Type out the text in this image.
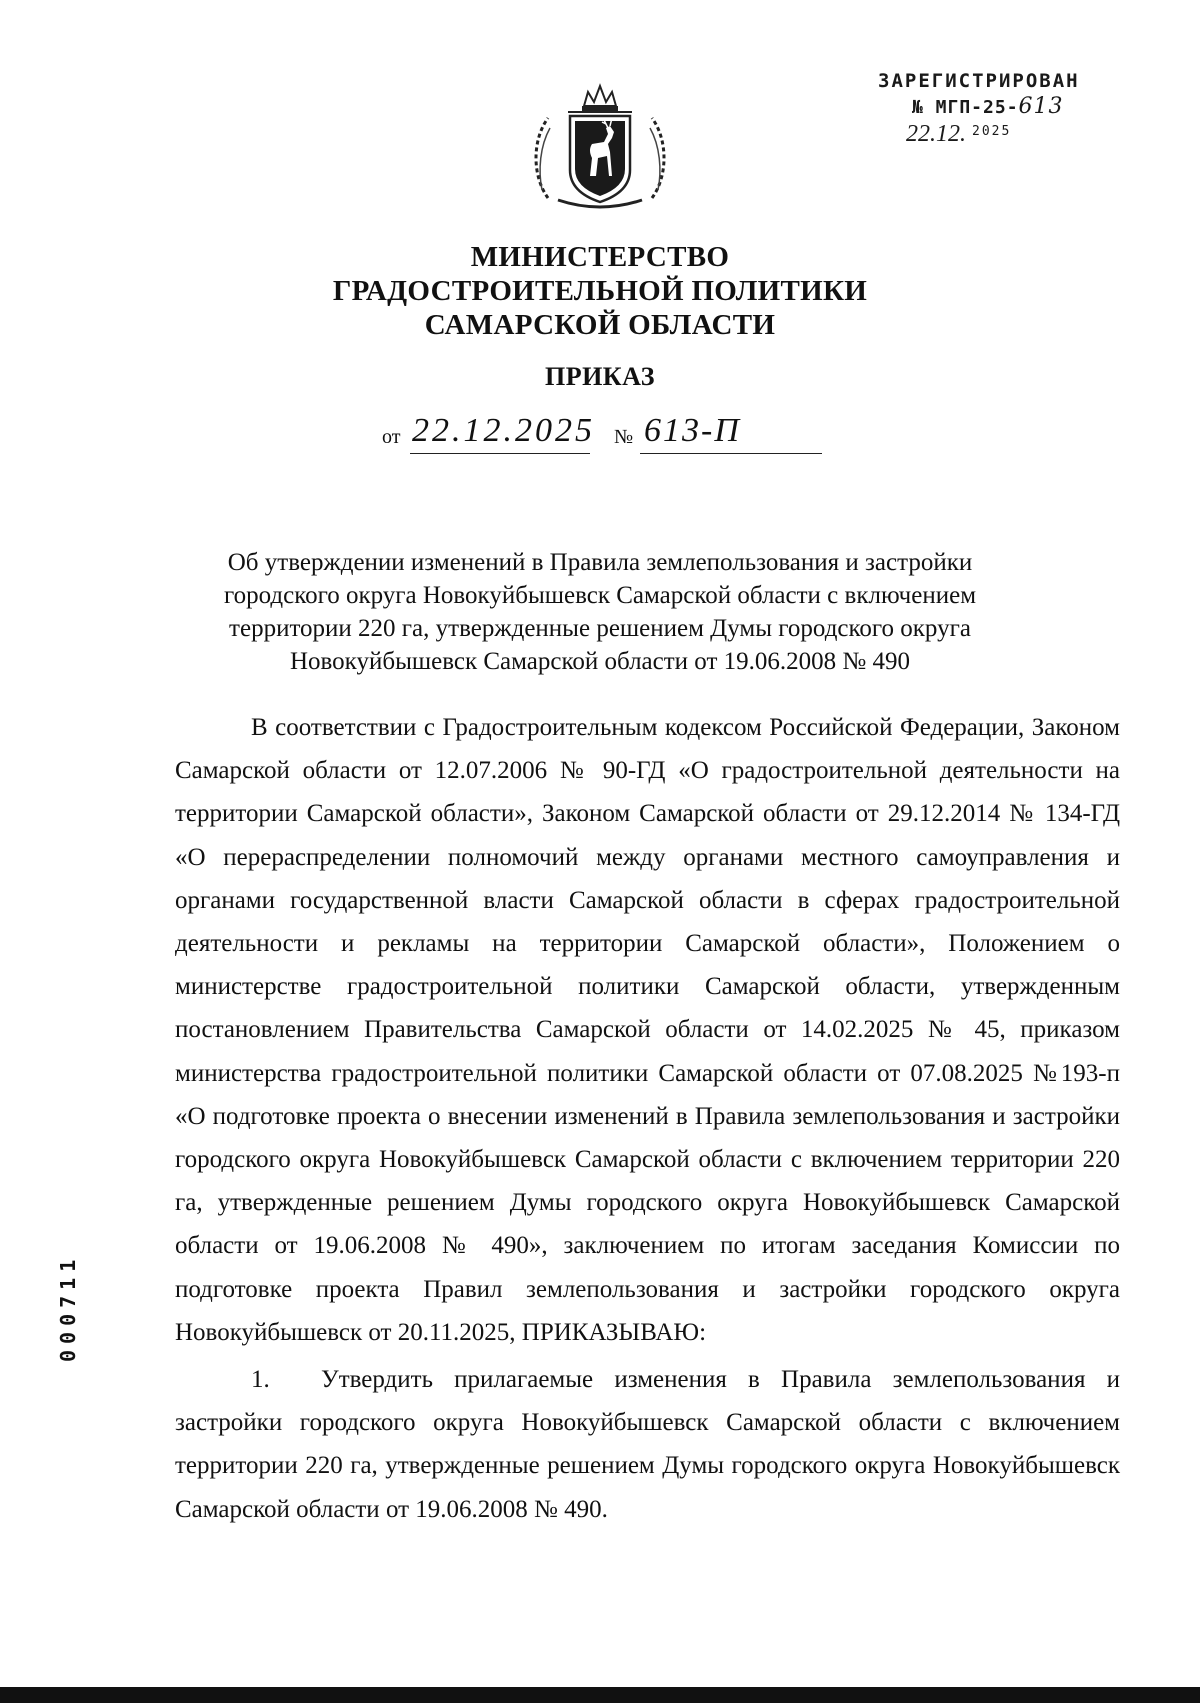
ЗАРЕГИСТРИРОВАН
№ МГП-25-613
22.12. $^{2025}$
МИНИСТЕРСТВО
ГРАДОСТРОИТЕЛЬНОЙ ПОЛИТИКИ
САМАРСКОЙ ОБЛАСТИ
ПРИКАЗ
от 22.12.2025 № 613-П
Об утверждении изменений в Правила землепользования и застройки городского округа Новокуйбышевск Самарской области с включением территории 220 га, утвержденные решением Думы городского округа Новокуйбышевск Самарской области от 19.06.2008 № 490

В соответствии с Градостроительным кодексом Российской Федерации, Законом Самарской области от 12.07.2006 № 90-ГД «О градостроительной деятельности на территории Самарской области», Законом Самарской области от 29.12.2014 № 134-ГД «О перераспределении полномочий между органами местного самоуправления и органами государственной власти Самарской области в сферах градостроительной деятельности и рекламы на территории Самарской области», Положением о министерстве градостроительной политики Самарской области, утвержденным постановлением Правительства Самарской области от 14.02.2025 № 45, приказом министерства градостроительной политики Самарской области от 07.08.2025 №193-п «О подготовке проекта о внесении изменений в Правила землепользования и застройки городского округа Новокуйбышевск Самарской области с включением территории 220 га, утвержденные решением Думы городского округа Новокуйбышевск Самарской области от 19.06.2008 № 490», заключением по итогам заседания Комиссии по подготовке проекта Правил землепользования и застройки городского округа Новокуйбышевск от 20.11.2025, ПРИКАЗЫВАЮ:

1. Утвердить прилагаемые изменения в Правила землепользования и застройки городского округа Новокуйбышевск Самарской области с включением территории 220 га, утвержденные решением Думы городского округа Новокуйбышевск Самарской области от 19.06.2008 № 490.

000711
